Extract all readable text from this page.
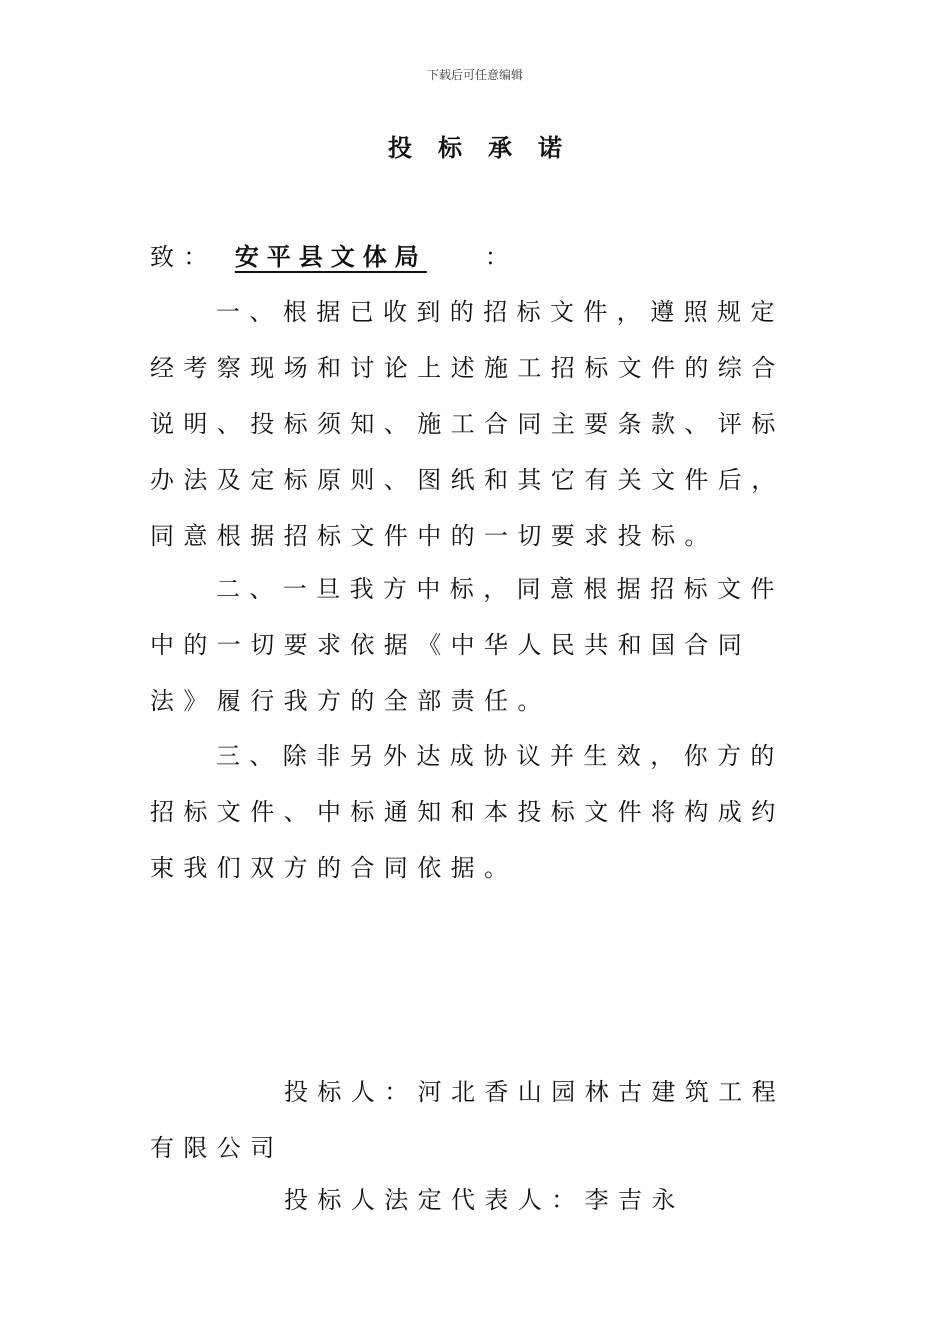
下载后可任意编辑
投标承诺
致： 安平县文体局 ：
一、根据已收到的招标文件，遵照规定经考察现场和讨论上述施工招标文件的综合说明、投标须知、施工合同主要条款、评标办法及定标原则、图纸和其它有关文件后，同意根据招标文件中的一切要求投标。
二、一旦我方中标，同意根据招标文件中的一切要求依据《中华人民共和国合同法》履行我方的全部责任。
三、除非另外达成协议并生效，你方的招标文件、中标通知和本投标文件将构成约束我们双方的合同依据。
投标人：河北香山园林古建筑工程有限公司
投标人法定代表人：李吉永
